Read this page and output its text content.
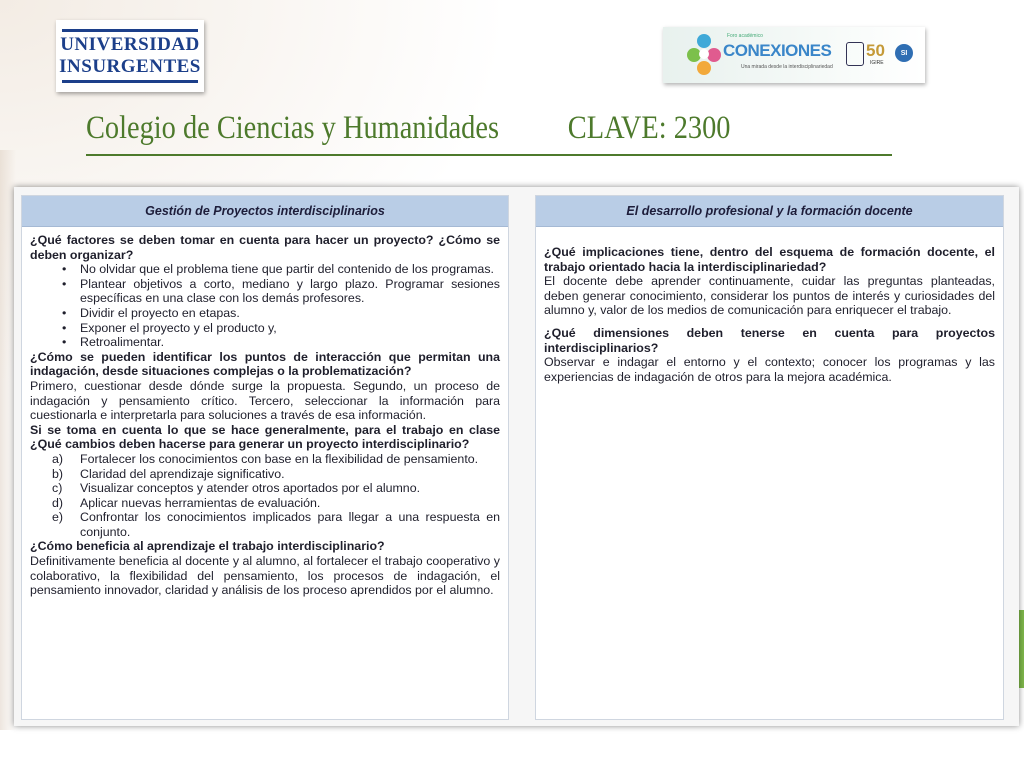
UNIVERSIDAD
INSURGENTES
Foro académico
CONEXIONES
Una mirada desde la interdisciplinariedad
50
IGIRE
SI
Colegio de Ciencias y Humanidades CLAVE: 2300
Gestión de Proyectos interdisciplinarios

¿Qué factores se deben tomar en cuenta para hacer un proyecto? ¿Cómo se deben organizar?

• No olvidar que el problema tiene que partir del contenido de los programas.
• Plantear objetivos a corto, mediano y largo plazo. Programar sesiones específicas en una clase con los demás profesores.
• Dividir el proyecto en etapas.
• Exponer el proyecto y el producto y,
• Retroalimentar.

¿Cómo se pueden identificar los puntos de interacción que permitan una indagación, desde situaciones complejas o la problematización?

Primero, cuestionar desde dónde surge la propuesta. Segundo, un proceso de indagación y pensamiento crítico. Tercero, seleccionar la información para cuestionarla e interpretarla para soluciones a través de esa información.

Si se toma en cuenta lo que se hace generalmente, para el trabajo en clase ¿Qué cambios deben hacerse para generar un proyecto interdisciplinario?

a) Fortalecer los conocimientos con base en la flexibilidad de pensamiento.
b) Claridad del aprendizaje significativo.
c) Visualizar conceptos y atender otros aportados por el alumno.
d) Aplicar nuevas herramientas de evaluación.
e) Confrontar los conocimientos implicados para llegar a una respuesta en conjunto.

¿Cómo beneficia al aprendizaje el trabajo interdisciplinario?

Definitivamente beneficia al docente y al alumno, al fortalecer el trabajo cooperativo y colaborativo, la flexibilidad del pensamiento, los procesos de indagación, el pensamiento innovador, claridad y análisis de los proceso aprendidos por el alumno.

El desarrollo profesional y la formación docente

¿Qué implicaciones tiene, dentro del esquema de formación docente, el trabajo orientado hacia la interdisciplinariedad?

El docente debe aprender continuamente, cuidar las preguntas planteadas, deben generar conocimiento, considerar los puntos de interés y curiosidades del alumno y, valor de los medios de comunicación para enriquecer el trabajo.

¿Qué dimensiones deben tenerse en cuenta para proyectos interdisciplinarios?

Observar e indagar el entorno y el contexto; conocer los programas y las experiencias de indagación de otros para la mejora académica.
